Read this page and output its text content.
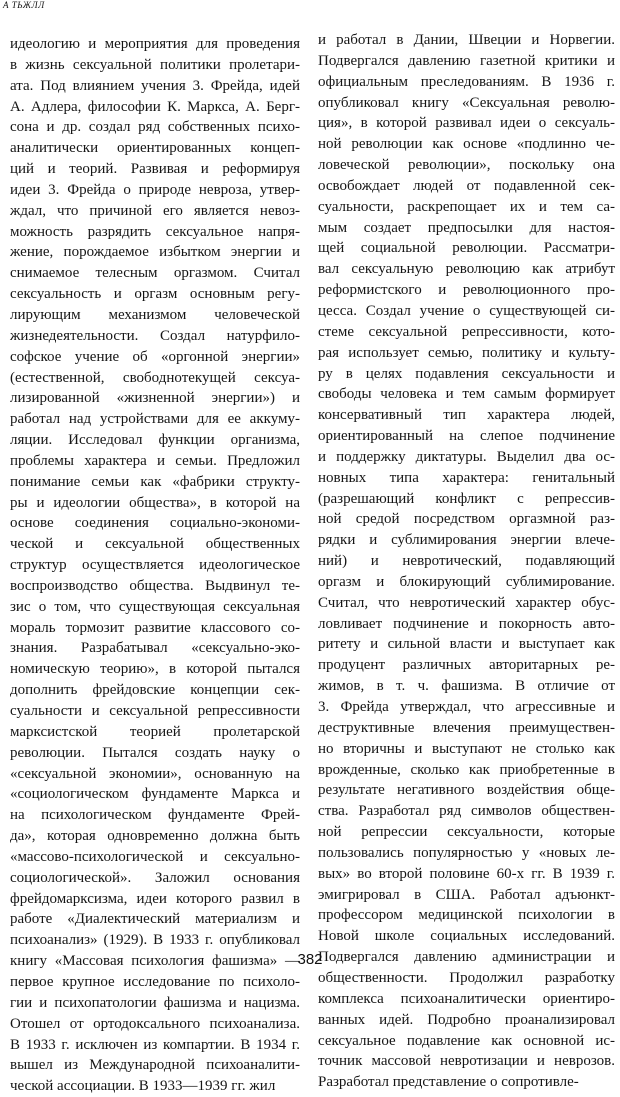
А ТЬЖЛЛ
идеологию и мероприятия для проведения
в жизнь сексуальной политики пролетари-
ата. Под влиянием учения 3. Фрейда, идей
А. Адлера, философии К. Маркса, А. Берг-
сона и др. создал ряд собственных психо-
аналитически ориентированных концеп-
ций и теорий. Развивая и реформируя
идеи 3. Фрейда о природе невроза, утвер-
ждал, что причиной его является невоз-
можность разрядить сексуальное напря-
жение, порождаемое избытком энергии и
снимаемое телесным оргазмом. Считал
сексуальность и оргазм основным регу-
лирующим механизмом человеческой
жизнедеятельности. Создал натурфило-
софское учение об «оргонной энергии»
(естественной, свободнотекущей сексуа-
лизированной «жизненной энергии») и
работал над устройствами для ее аккуму-
ляции. Исследовал функции организма,
проблемы характера и семьи. Предложил
понимание семьи как «фабрики структу-
ры и идеологии общества», в которой на
основе соединения социально-экономи-
ческой и сексуальной общественных
структур осуществляется идеологическое
воспроизводство общества. Выдвинул те-
зис о том, что существующая сексуальная
мораль тормозит развитие классового со-
знания. Разрабатывал «сексуально-эко-
номическую теорию», в которой пытался
дополнить фрейдовские концепции сек-
суальности и сексуальной репрессивности
марксистской теорией пролетарской
революции. Пытался создать науку о
«сексуальной экономии», основанную на
«социологическом фундаменте Маркса и
на психологическом фундаменте Фрей-
да», которая одновременно должна быть
«массово-психологической и сексуально-
социологической». Заложил основания
фрейдомарксизма, идеи которого развил в
работе «Диалектический материализм и
психоанализ» (1929). В 1933 г. опубликовал
книгу «Массовая психология фашизма» —
первое крупное исследование по психоло-
гии и психопатологии фашизма и нацизма.
Отошел от ортодоксального психоанализа.
В 1933 г. исключен из компартии. В 1934 г.
вышел из Международной психоаналити-
ческой ассоциации. В 1933—1939 гг. жил
и работал в Дании, Швеции и Норвегии.
Подвергался давлению газетной критики и
официальным преследованиям. В 1936 г.
опубликовал книгу «Сексуальная револю-
ция», в которой развивал идеи о сексуаль-
ной революции как основе «подлинно че-
ловеческой революции», поскольку она
освобождает людей от подавленной сек-
суальности, раскрепощает их и тем са-
мым создает предпосылки для настоя-
щей социальной революции. Рассматри-
вал сексуальную революцию как атрибут
реформистского и революционного про-
цесса. Создал учение о существующей си-
стеме сексуальной репрессивности, кото-
рая использует семью, политику и культу-
ру в целях подавления сексуальности и
свободы человека и тем самым формирует
консервативный тип характера людей,
ориентированный на слепое подчинение
и поддержку диктатуры. Выделил два ос-
новных типа характера: генитальный
(разрешающий конфликт с репрессив-
ной средой посредством оргазмной раз-
рядки и сублимирования энергии влече-
ний) и невротический, подавляющий
оргазм и блокирующий сублимирование.
Считал, что невротический характер обус-
ловливает подчинение и покорность авто-
ритету и сильной власти и выступает как
продуцент различных авторитарных ре-
жимов, в т. ч. фашизма. В отличие от
3. Фрейда утверждал, что агрессивные и
деструктивные влечения преимуществен-
но вторичны и выступают не столько как
врожденные, сколько как приобретенные в
результате негативного воздействия обще-
ства. Разработал ряд символов обществен-
ной репрессии сексуальности, которые
пользовались популярностью у «новых ле-
вых» во второй половине 60-х гг. В 1939 г.
эмигрировал в США. Работал адъюнкт-
профессором медицинской психологии в
Новой школе социальных исследований.
Подвергался давлению администрации и
общественности. Продолжил разработку
комплекса психоаналитически ориентиро-
ванных идей. Подробно проанализировал
сексуальное подавление как основной ис-
точник массовой невротизации и неврозов.
Разработал представление о сопротивле-
382
